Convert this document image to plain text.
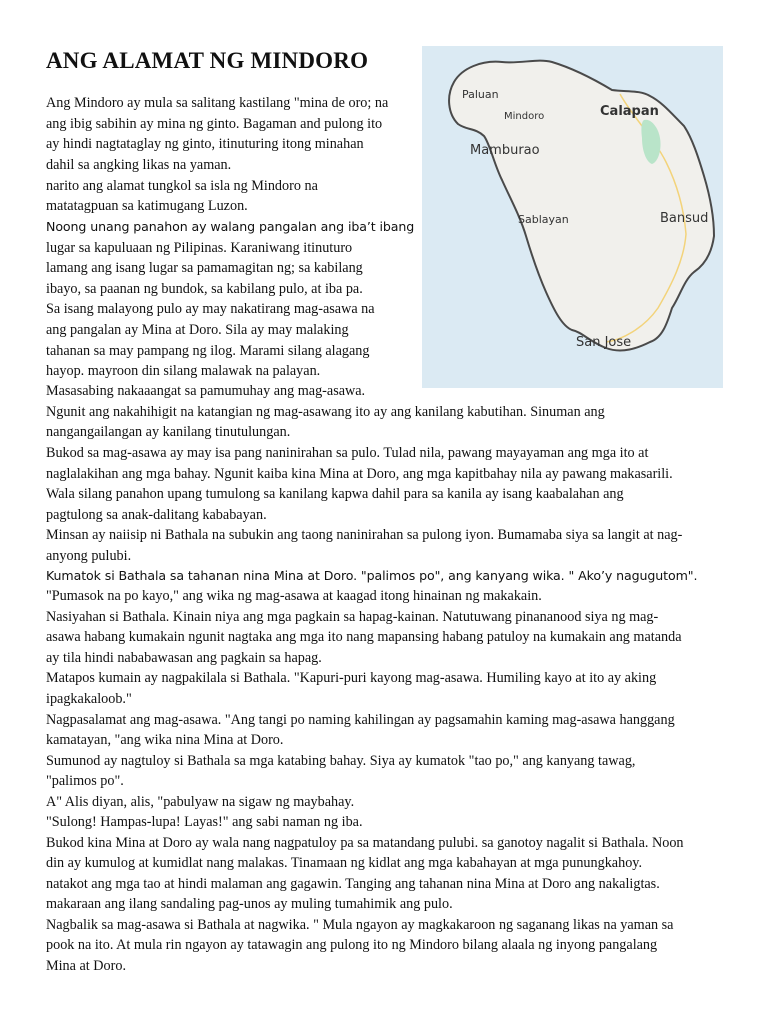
ANG ALAMAT NG MINDORO
Paluan
Mindoro	Calapan
Mamburao
Sablayan	Bansud
San Jose

Ang Mindoro ay mula sa salitang kastilang "mina de oro; na

ang ibig sabihin ay mina ng ginto. Bagaman and pulong ito

ay hindi nagtataglay ng ginto, itinuturing itong minahan

dahil sa angking likas na yaman.

narito ang alamat tungkol sa isla ng Mindoro na

matatagpuan sa katimugang Luzon.

Noong unang panahon ay walang pangalan ang iba’t ibang

lugar sa kapuluaan ng Pilipinas. Karaniwang itinuturo

lamang ang isang lugar sa pamamagitan ng; sa kabilang

ibayo, sa paanan ng bundok, sa kabilang pulo, at iba pa.

Sa isang malayong pulo ay may nakatirang mag-asawa na

ang pangalan ay Mina at Doro. Sila ay may malaking

tahanan sa may pampang ng ilog. Marami silang alagang

hayop. mayroon din silang malawak na palayan.

Masasabing nakaaangat sa pamumuhay ang mag-asawa.

Ngunit ang nakahihigit na katangian ng mag-asawang ito ay ang kanilang kabutihan. Sinuman ang

nangangailangan ay kanilang tinutulungan.

Bukod sa mag-asawa ay may isa pang naninirahan sa pulo. Tulad nila, pawang mayayaman ang mga ito at

naglalakihan ang mga bahay. Ngunit kaiba kina Mina at Doro, ang mga kapitbahay nila ay pawang makasarili.

Wala silang panahon upang tumulong sa kanilang kapwa dahil para sa kanila ay isang kaabalahan ang

pagtulong sa anak-dalitang kababayan.

Minsan ay naiisip ni Bathala na subukin ang taong naninirahan sa pulong iyon. Bumamaba siya sa langit at nag-

anyong pulubi.

Kumatok si Bathala sa tahanan nina Mina at Doro. "palimos po", ang kanyang wika. " Ako’y nagugutom".

"Pumasok na po kayo," ang wika ng mag-asawa at kaagad itong hinainan ng makakain.

Nasiyahan si Bathala. Kinain niya ang mga pagkain sa hapag-kainan. Natutuwang pinananood siya ng mag-

asawa habang kumakain ngunit nagtaka ang mga ito nang mapansing habang patuloy na kumakain ang matanda

ay tila hindi nababawasan ang pagkain sa hapag.

Matapos kumain ay nagpakilala si Bathala. "Kapuri-puri kayong mag-asawa. Humiling kayo at ito ay aking

ipagkakaloob."

Nagpasalamat ang mag-asawa. "Ang tangi po naming kahilingan ay pagsamahin kaming mag-asawa hanggang

kamatayan, "ang wika nina Mina at Doro.

Sumunod ay nagtuloy si Bathala sa mga katabing bahay. Siya ay kumatok "tao po," ang kanyang tawag,

"palimos po".

A" Alis diyan, alis, "pabulyaw na sigaw ng maybahay.

"Sulong! Hampas-lupa! Layas!" ang sabi naman ng iba.

Bukod kina Mina at Doro ay wala nang nagpatuloy pa sa matandang pulubi. sa ganotoy nagalit si Bathala. Noon

din ay kumulog at kumidlat nang malakas. Tinamaan ng kidlat ang mga kabahayan at mga punungkahoy.

natakot ang mga tao at hindi malaman ang gagawin. Tanging ang tahanan nina Mina at Doro ang nakaligtas.

makaraan ang ilang sandaling pag-unos ay muling tumahimik ang pulo.

Nagbalik sa mag-asawa si Bathala at nagwika. " Mula ngayon ay magkakaroon ng saganang likas na yaman sa

pook na ito. At mula rin ngayon ay tatawagin ang pulong ito ng Mindoro bilang alaala ng inyong pangalang

Mina at Doro.
